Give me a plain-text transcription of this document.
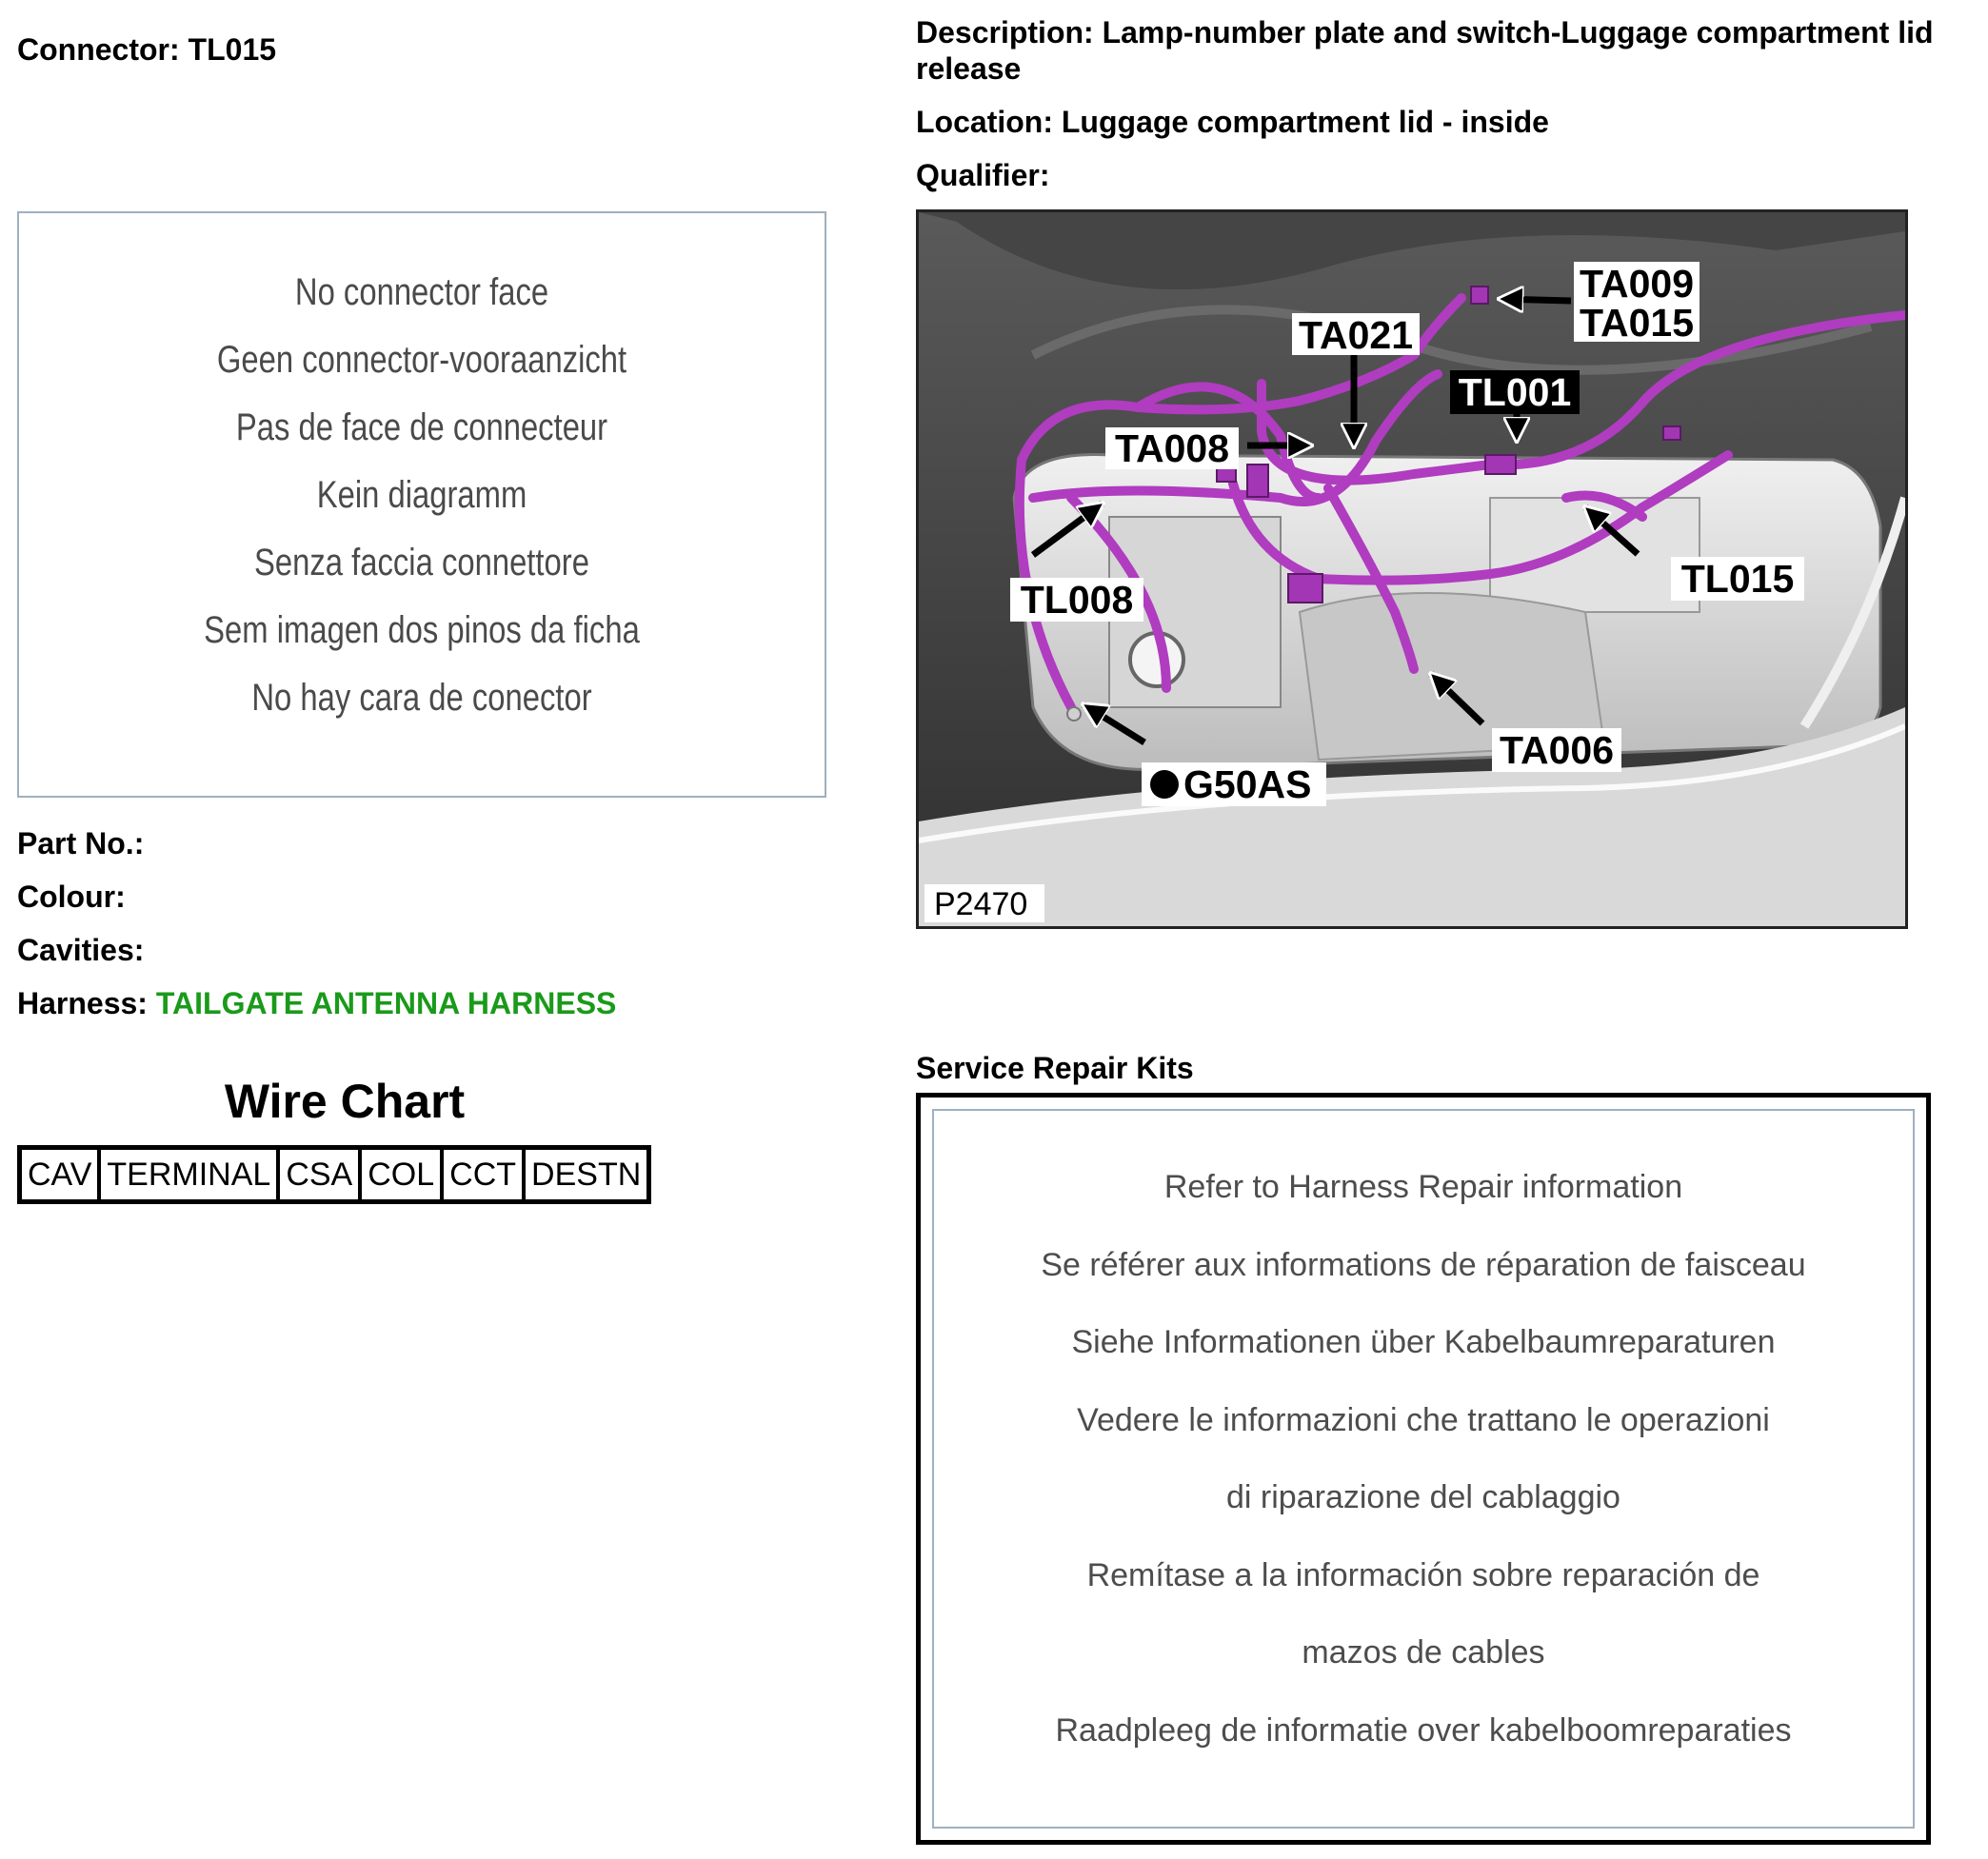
Connector: TL015	Description: Lamp-number plate and switch-Luggage compartment lid
release
Location: Luggage compartment lid - inside
Qualifier:
No connector face
Geen connector-vooraanzicht
Pas de face de connecteur
Kein diagramm
Senza faccia connettore
Sem imagen dos pinos da ficha
No hay cara de conector
Part No.:
Colour:
Cavities:
Harness: TAILGATE ANTENNA HARNESS
Wire Chart
CAV	TERMINAL	CSA	COL	CCT	DESTN
TA009
TA015
TA021
TL001
TA008
TL008	TL015
TA006
G50AS
P2470
Service Repair Kits
Refer to Harness Repair information
Se référer aux informations de réparation de faisceau
Siehe Informationen über Kabelbaumreparaturen
Vedere le informazioni che trattano le operazioni
di riparazione del cablaggio
Remítase a la información sobre reparación de
mazos de cables
Raadpleeg de informatie over kabelboomreparaties
